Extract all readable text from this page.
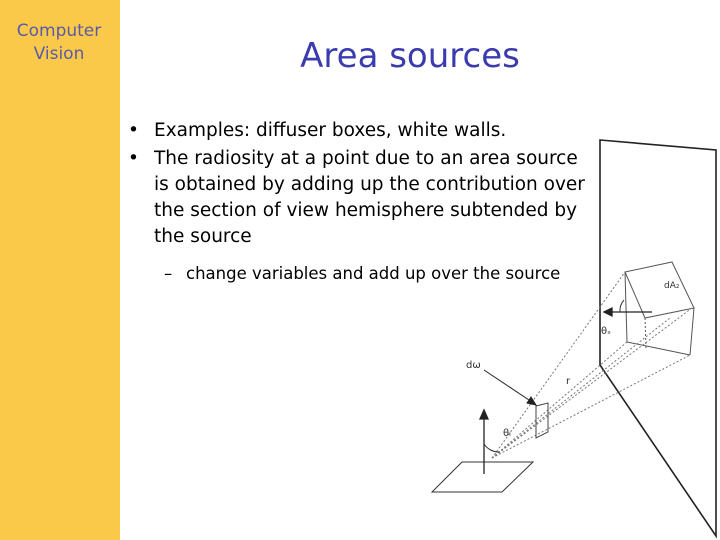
Computer
Vision	Area sources
• Examples: diffuser boxes, white walls.
• The radiosity at a point due to an area source is obtained by adding up the contribution over the section of view hemisphere subtended by the source
– change variables and add up over the source
dA₂
θₛ
dω
r
θᵢ
